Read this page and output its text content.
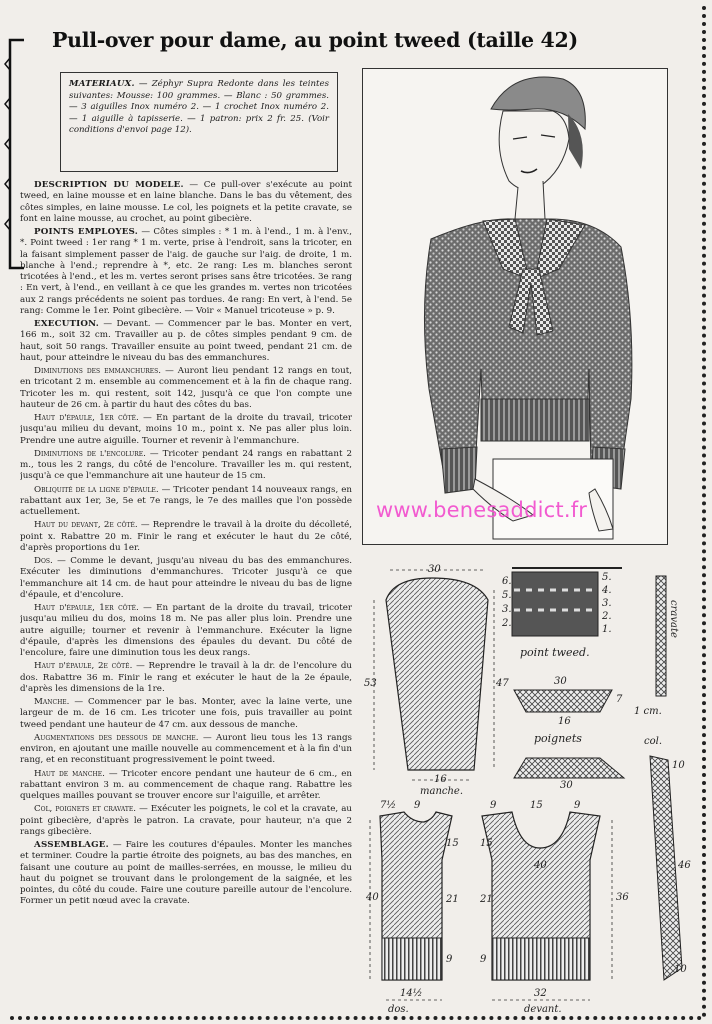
Pull-over pour dame, au point tweed (taille 42)
MATERIAUX. — Zéphyr Supra Redonte dans les teintes suivantes: Mousse: 100 grammes. — Blanc : 50 grammes. — 3 aiguilles Inox numéro 2. — 1 crochet Inox numéro 2. — 1 aiguille à tapisserie. — 1 patron: prix 2 fr. 25. (Voir conditions d'envoi page 12).

DESCRIPTION DU MODELE. — Ce pull-over s'exécute au point tweed, en laine mousse et en laine blanche. Dans le bas du vêtement, des côtes simples, en laine mousse. Le col, les poignets et la petite cravate, se font en laine mousse, au crochet, au point gibecière.

POINTS EMPLOYES. — Côtes simples : * 1 m. à l'end., 1 m. à l'env., *. Point tweed : 1er rang * 1 m. verte, prise à l'endroit, sans la tricoter, en la faisant simplement passer de l'aig. de gauche sur l'aig. de droite, 1 m. blanche à l'end.; reprendre à *, etc. 2e rang: Les m. blanches seront tricotées à l'end., et les m. vertes seront prises sans être tricotées. 3e rang : En vert, à l'end., en veillant à ce que les grandes m. vertes non tricotées aux 2 rangs précédents ne soient pas tordues. 4e rang: En vert, à l'end. 5e rang: Comme le 1er. Point gibecière. — Voir « Manuel tricoteuse » p. 9.

EXECUTION. — Devant. — Commencer par le bas. Monter en vert, 166 m., soit 32 cm. Travailler au p. de côtes simples pendant 9 cm. de haut, soit 50 rangs. Travailler ensuite au point tweed, pendant 21 cm. de haut, pour atteindre le niveau du bas des emmanchures.

Diminutions des emmanchures. — Auront lieu pendant 12 rangs en tout, en tricotant 2 m. ensemble au commencement et à la fin de chaque rang. Tricoter les m. qui restent, soit 142, jusqu'à ce que l'on compte une hauteur de 26 cm. à partir du haut des côtes du bas.

Haut d'épaule, 1er côté. — En partant de la droite du travail, tricoter jusqu'au milieu du devant, moins 10 m., point x. Ne pas aller plus loin. Prendre une autre aiguille. Tourner et revenir à l'emmanchure.

Diminutions de l'encolure. — Tricoter pendant 24 rangs en rabattant 2 m., tous les 2 rangs, du côté de l'encolure. Travailler les m. qui restent, jusqu'à ce que l'emmanchure ait une hauteur de 15 cm.

Obliquité de la ligne d'épaule. — Tricoter pendant 14 nouveaux rangs, en rabattant aux 1er, 3e, 5e et 7e rangs, le 7e des mailles que l'on possède actuellement.

Haut du devant, 2e côté. — Reprendre le travail à la droite du décolleté, point x. Rabattre 20 m. Finir le rang et exécuter le haut du 2e côté, d'après proportions du 1er.

Dos. — Comme le devant, jusqu'au niveau du bas des emmanchures. Exécuter les diminutions d'emmanchures. Tricoter jusqu'à ce que l'emmanchure ait 14 cm. de haut pour atteindre le niveau du bas de ligne d'épaule, et d'encolure.

Haut d'épaule, 1er côté. — En partant de la droite du travail, tricoter jusqu'au milieu du dos, moins 18 m. Ne pas aller plus loin. Prendre une autre aiguille; tourner et revenir à l'emmanchure. Exécuter la ligne d'épaule, d'après les dimensions des épaules du devant. Du côté de l'encolure, faire une diminution tous les deux rangs.

Haut d'épaule, 2e côté. — Reprendre le travail à la dr. de l'encolure du dos. Rabattre 36 m. Finir le rang et exécuter le haut de la 2e épaule, d'après les dimensions de la 1re.

Manche. — Commencer par le bas. Monter, avec la laine verte, une largeur de m. de 16 cm. Les tricoter une fois, puis travailler au point tweed pendant une hauteur de 47 cm. aux dessous de manche.

Augmentations des dessous de manche. — Auront lieu tous les 13 rangs environ, en ajoutant une maille nouvelle au commencement et à la fin d'un rang, et en reconstituant progressivement le point tweed.

Haut de manche. — Tricoter encore pendant une hauteur de 6 cm., en rabattant environ 3 m. au commencement de chaque rang. Rabattre les quelques mailles pouvant se trouver encore sur l'aiguille, et arrêter.

Col, poignets et cravate. — Exécuter les poignets, le col et la cravate, au point gibecière, d'après le patron. La cravate, pour hauteur, n'a que 2 rangs gibecière.

ASSEMBLAGE. — Faire les coutures d'épaules. Monter les manches et terminer. Coudre la partie étroite des poignets, au bas des manches, en faisant une couture au point de mailles-serrées, en mousse, le milieu du haut du poignet se trouvant dans le prolongement de la saignée, et les pointes, du côté du coude. Faire une couture pareille autour de l'encolure. Former un petit nœud avec la cravate.

www.benesaddict.fr
30
53	47
16
manche.
6.
5.
3.
2.
5.
4.
3.
2.
1.
point tweed.
cravate
1 cm.
30
16
7
poignets
30
col.
10
46
10
7½ 9
40
15
21
9
14½
dos.
9	15	9
40
15
21
9
36
32
devant.
